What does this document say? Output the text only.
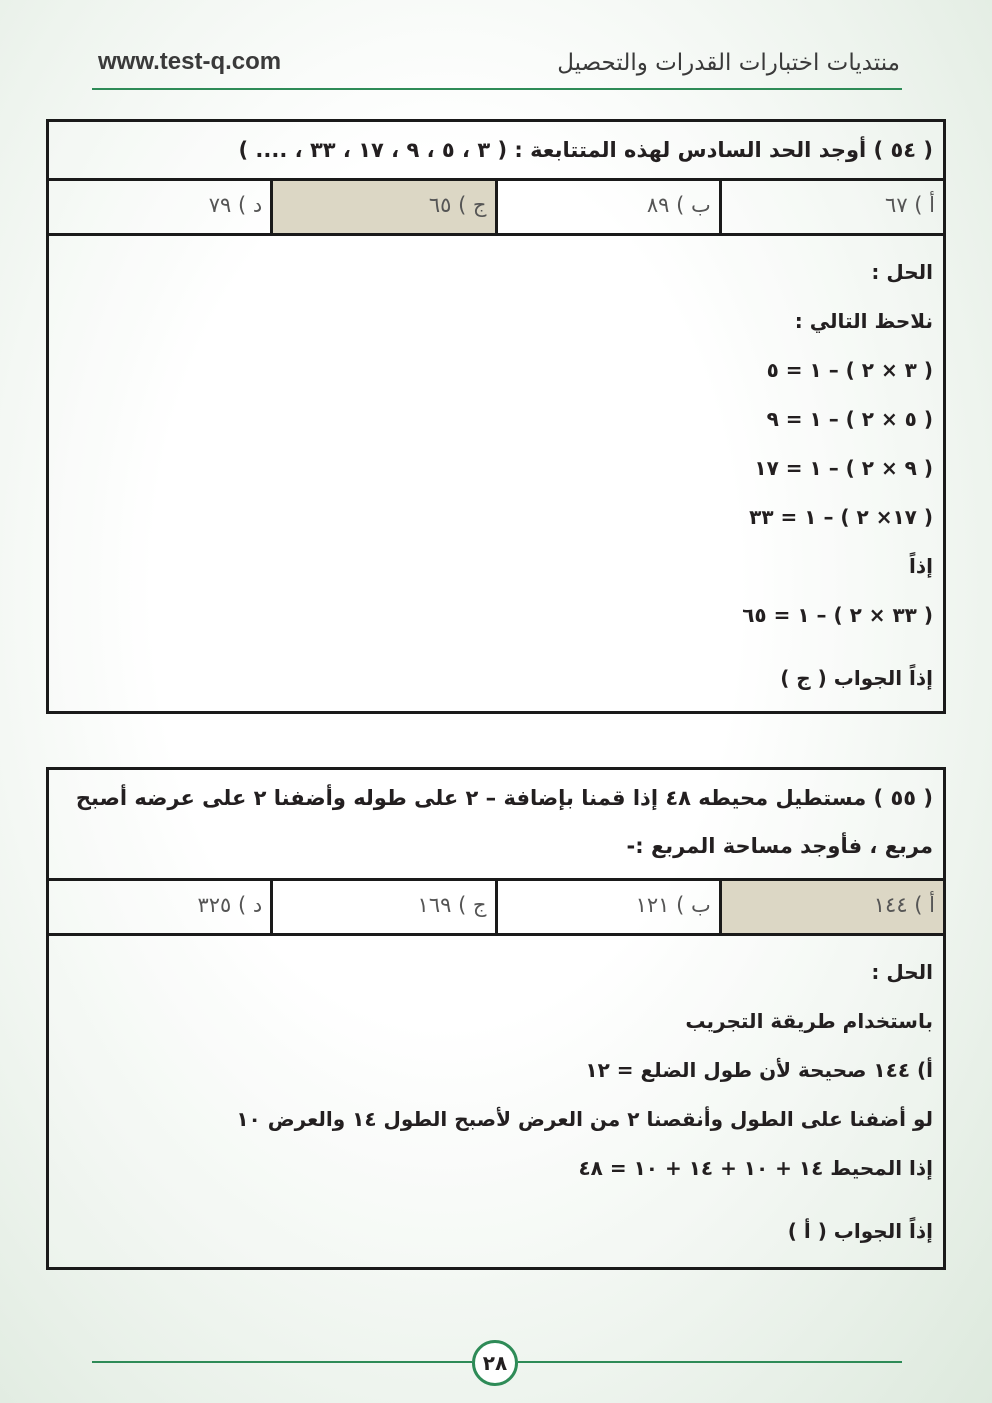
www.test-q.com	منتديات اختبارات القدرات والتحصيل
( ٥٤ ) أوجد الحد السادس لهذه المتتابعة : ( ٣ ، ٥ ، ٩ ، ١٧ ، ٣٣ ، .... )
أ ) ٦٧
ب ) ٨٩
ج ) ٦٥
د ) ٧٩
الحل :
نلاحظ التالي :
( ٣ × ٢ ) – ١ = ٥
( ٥ × ٢ ) – ١ = ٩
( ٩ × ٢ ) – ١ = ١٧
( ١٧× ٢ ) – ١ = ٣٣
إذاً
( ٣٣ × ٢ ) – ١ = ٦٥
إذاً الجواب ( ج )
( ٥٥ ) مستطيل محيطه ٤٨ إذا قمنا بإضافة – ٢ على طوله وأضفنا ٢ على عرضه أصبح مربع ، فأوجد مساحة المربع :-
أ ) ١٤٤
ب ) ١٢١
ج ) ١٦٩
د ) ٣٢٥
الحل :
باستخدام طريقة التجريب
أ) ١٤٤ صحيحة لأن طول الضلع = ١٢
لو أضفنا على الطول وأنقصنا ٢ من العرض لأصبح الطول ١٤ والعرض ١٠
إذا المحيط ١٤ + ١٠ + ١٤ + ١٠ = ٤٨
إذاً الجواب ( أ )
٢٨
